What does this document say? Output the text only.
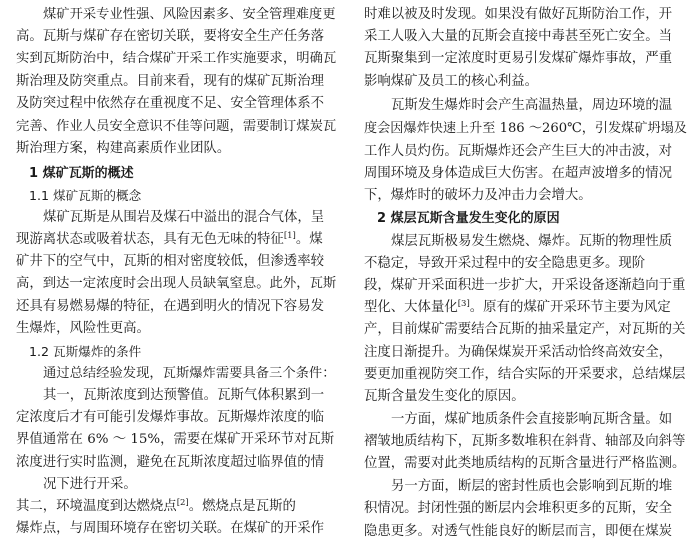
煤矿开采专业性强、风险因素多、安全管理难度更
高。瓦斯与煤矿存在密切关联，要将安全生产任务落
实到瓦斯防治中，结合煤矿开采工作实施要求，明确瓦
斯治理及防突重点。目前来看，现有的煤矿瓦斯治理
及防突过程中依然存在重视度不足、安全管理体系不
完善、作业人员安全意识不佳等问题，需要制订煤炭瓦
斯治理方案，构建高素质作业团队。
1 煤矿瓦斯的概述
1.1 煤矿瓦斯的概念
煤矿瓦斯是从围岩及煤石中溢出的混合气体，呈
现游离状态或吸着状态，具有无色无味的特征[1]。煤
矿井下的空气中，瓦斯的相对密度较低，但渗透率较
高，到达一定浓度时会出现人员缺氧窒息。此外，瓦斯
还具有易燃易爆的特征，在遇到明火的情况下容易发
生爆炸，风险性更高。
1.2 瓦斯爆炸的条件
通过总结经验发现，瓦斯爆炸需要具备三个条件：
其一，瓦斯浓度到达预警值。瓦斯气体积累到一
定浓度后才有可能引发爆炸事故。瓦斯爆炸浓度的临
界值通常在 6% ～ 15%，需要在煤矿开采环节对瓦斯
浓度进行实时监测，避免在瓦斯浓度超过临界值的情
况下进行开采。
其二，环境温度到达燃烧点[2]。燃烧点是瓦斯的
爆炸点，与周围环境存在密切关联。在煤矿的开采作
时难以被及时发现。如果没有做好瓦斯防治工作，开
采工人吸入大量的瓦斯会直接中毒甚至死亡安全。当
瓦斯聚集到一定浓度时更易引发煤矿爆炸事故，严重
影响煤矿及员工的核心利益。
瓦斯发生爆炸时会产生高温热量，周边环境的温
度会因爆炸快速上升至 186 ～260℃，引发煤矿坍塌及
工作人员灼伤。瓦斯爆炸还会产生巨大的冲击波，对
周围环境及身体造成巨大伤害。在超声波增多的情况
下，爆炸时的破坏力及冲击力会增大。
2 煤层瓦斯含量发生变化的原因
煤层瓦斯极易发生燃烧、爆炸。瓦斯的物理性质
不稳定，导致开采过程中的安全隐患更多。现阶
段，煤矿开采面积进一步扩大，开采设备逐渐趋向于重
型化、大体量化[3]。原有的煤矿开采环节主要为风定
产，目前煤矿需要结合瓦斯的抽采量定产，对瓦斯的关
注度日渐提升。为确保煤炭开采活动恰终高效安全，
要更加重视防突工作，结合实际的开采要求，总结煤层
瓦斯含量发生变化的原因。
一方面，煤矿地质条件会直接影响瓦斯含量。如
褶皱地质结构下，瓦斯多数堆积在斜背、轴部及向斜等
位置，需要对此类地质结构的瓦斯含量进行严格监测。
另一方面，断层的密封性质也会影响到瓦斯的堆
积情况。封闭性强的断层内会堆积更多的瓦斯，安全
隐患更多。对透气性能良好的断层而言，即便在煤炭
